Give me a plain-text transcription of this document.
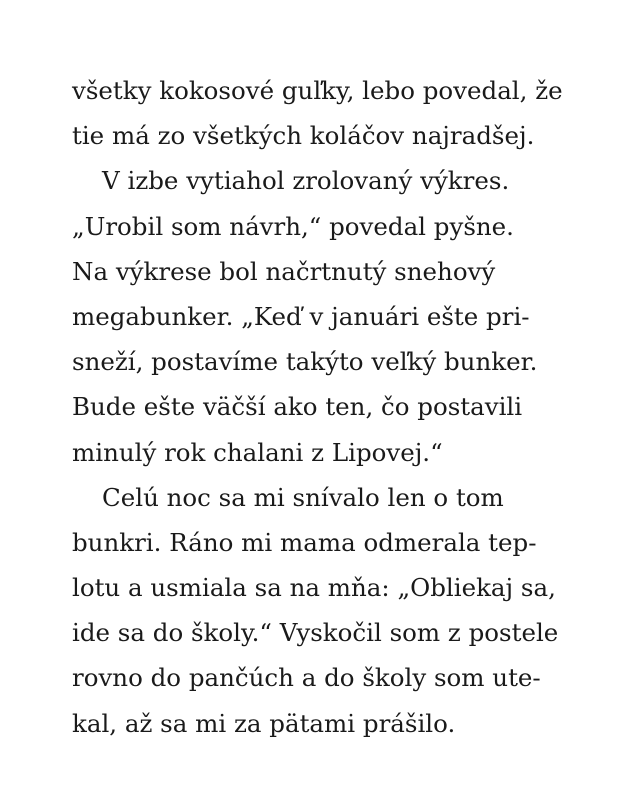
všetky kokosové guľky, lebo povedal, že
tie má zo všetkých koláčov najradšej.
V izbe vytiahol zrolovaný výkres.
„Urobil som návrh,“ povedal pyšne.
Na výkrese bol načrtnutý snehový
megabunker. „Keď v januári ešte pri-
sneží, postavíme takýto veľký bunker.
Bude ešte väčší ako ten, čo postavili
minulý rok chalani z Lipovej.“
Celú noc sa mi snívalo len o tom
bunkri. Ráno mi mama odmerala tep-
lotu a usmiala sa na mňa: „Obliekaj sa,
ide sa do školy.“ Vyskočil som z postele
rovno do pančúch a do školy som ute-
kal, až sa mi za pätami prášilo.
